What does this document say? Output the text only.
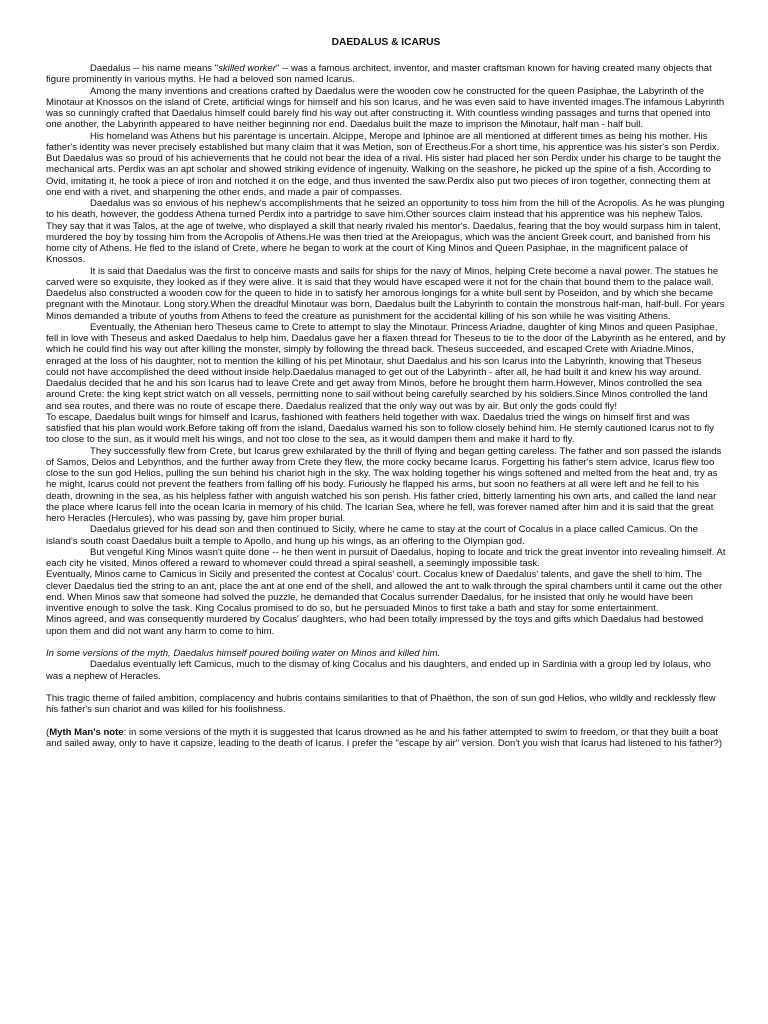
DAEDALUS & ICARUS

Daedalus -- his name means "skilled worker" -- was a famous architect, inventor, and master craftsman known for having created many objects that figure prominently in various myths. He had a beloved son named Icarus.

Among the many inventions and creations crafted by Daedalus were the wooden cow he constructed for the queen Pasiphae, the Labyrinth of the Minotaur at Knossos on the island of Crete, artificial wings for himself and his son Icarus, and he was even said to have invented images.The infamous Labyrinth was so cunningly crafted that Daedalus himself could barely find his way out after constructing it. With countless winding passages and turns that opened into one another, the Labyrinth appeared to have neither beginning nor end. Daedalus built the maze to imprison the Minotaur, half man - half bull.

His homeland was Athens but his parentage is uncertain. Alcippe, Merope and Iphinoe are all mentioned at different times as being his mother. His father's identity was never precisely established but many claim that it was Metion, son of Erectheus.For a short time, his apprentice was his sister's son Perdix. But Daedalus was so proud of his achievements that he could not bear the idea of a rival. His sister had placed her son Perdix under his charge to be taught the mechanical arts. Perdix was an apt scholar and showed striking evidence of ingenuity. Walking on the seashore, he picked up the spine of a fish. According to Ovid, imitating it, he took a piece of iron and notched it on the edge, and thus invented the saw.Perdix also put two pieces of iron together, connecting them at one end with a rivet, and sharpening the other ends, and made a pair of compasses.

Daedalus was so envious of his nephew's accomplishments that he seized an opportunity to toss him from the hill of the Acropolis. As he was plunging to his death, however, the goddess Athena turned Perdix into a partridge to save him.Other sources claim instead that his apprentice was his nephew Talos. They say that it was Talos, at the age of twelve, who displayed a skill that nearly rivaled his mentor's. Daedalus, fearing that the boy would surpass him in talent, murdered the boy by tossing him from the Acropolis of Athens.He was then tried at the Areiopagus, which was the ancient Greek court, and banished from his home city of Athens. He fled to the island of Crete, where he began to work at the court of King Minos and Queen Pasiphae, in the magnificent palace of Knossos.

It is said that Daedalus was the first to conceive masts and sails for ships for the navy of Minos, helping Crete become a naval power. The statues he carved were so exquisite, they looked as if they were alive. It is said that they would have escaped were it not for the chain that bound them to the palace wall. Daedelus also constructed a wooden cow for the queen to hide in to satisfy her amorous longings for a white bull sent by Poseidon, and by which she became pregnant with the Minotaur. Long story.When the dreadful Minotaur was born, Daedalus built the Labyrinth to contain the monstrous half-man, half-bull. For years Minos demanded a tribute of youths from Athens to feed the creature as punishment for the accidental killing of his son while he was visiting Athens.

Eventually, the Athenian hero Theseus came to Crete to attempt to slay the Minotaur. Princess Ariadne, daughter of king Minos and queen Pasiphae, fell in love with Theseus and asked Daedalus to help him. Daedalus gave her a flaxen thread for Theseus to tie to the door of the Labyrinth as he entered, and by which he could find his way out after killing the monster, simply by following the thread back. Theseus succeeded, and escaped Crete with Ariadne.Minos, enraged at the loss of his daughter, not to mention the killing of his pet Minotaur, shut Daedalus and his son Icarus into the Labyrinth, knowing that Theseus could not have accomplished the deed without inside help.Daedalus managed to get out of the Labyrinth - after all, he had built it and knew his way around. Daedalus decided that he and his son Icarus had to leave Crete and get away from Minos, before he brought them harm.However, Minos controlled the sea around Crete: the king kept strict watch on all vessels, permitting none to sail without being carefully searched by his soldiers.Since Minos controlled the land and sea routes, and there was no route of escape there. Daedalus realized that the only way out was by air. But only the gods could fly!

To escape, Daedalus built wings for himself and Icarus, fashioned with feathers held together with wax. Daedalus tried the wings on himself first and was satisfied that his plan would work.Before taking off from the island, Daedalus warned his son to follow closely behind him. He sternly cautioned Icarus not to fly too close to the sun, as it would melt his wings, and not too close to the sea, as it would dampen them and make it hard to fly.

They successfully flew from Crete, but Icarus grew exhilarated by the thrill of flying and began getting careless. The father and son passed the islands of Samos, Delos and Lebynthos, and the further away from Crete they flew, the more cocky became Icarus. Forgetting his father's stern advice, Icarus flew too close to the sun god Helios, pulling the sun behind his chariot high in the sky. The wax holding together his wings softened and melted from the heat and, try as he might, Icarus could not prevent the feathers from falling off his body. Furiously he flapped his arms, but soon no feathers at all were left and he fell to his death, drowning in the sea, as his helpless father with anguish watched his son perish. His father cried, bitterly lamenting his own arts, and called the land near the place where Icarus fell into the ocean Icaria in memory of his child. The Icarian Sea, where he fell, was forever named after him and it is said that the great hero Heracles (Hercules), who was passing by, gave him proper burial.

Daedalus grieved for his dead son and then continued to Sicily, where he came to stay at the court of Cocalus in a place called Camicus. On the island's south coast Daedalus built a temple to Apollo, and hung up his wings, as an offering to the Olympian god.

But vengeful King Minos wasn't quite done -- he then went in pursuit of Daedalus, hoping to locate and trick the great inventor into revealing himself. At each city he visited, Minos offered a reward to whomever could thread a spiral seashell, a seemingly impossible task.

Eventually, Minos came to Camicus in Sicily and presented the contest at Cocalus' court. Cocalus knew of Daedalus' talents, and gave the shell to him. The clever Daedalus tied the string to an ant, place the ant at one end of the shell, and allowed the ant to walk through the spiral chambers until it came out the other end. When Minos saw that someone had solved the puzzle, he demanded that Cocalus surrender Daedalus, for he insisted that only he would have been inventive enough to solve the task. King Cocalus promised to do so, but he persuaded Minos to first take a bath and stay for some entertainment.

Minos agreed, and was consequently murdered by Cocalus' daughters, who had been totally impressed by the toys and gifts which Daedalus had bestowed upon them and did not want any harm to come to him.

In some versions of the myth, Daedalus himself poured boiling water on Minos and killed him.

Daedalus eventually left Camicus, much to the dismay of king Cocalus and his daughters, and ended up in Sardinia with a group led by Iolaus, who was a nephew of Heracles.

This tragic theme of failed ambition, complacency and hubris contains similarities to that of Phaëthon, the son of sun god Helios, who wildly and recklessly flew his father's sun chariot and was killed for his foolishness.

(Myth Man's note: in some versions of the myth it is suggested that Icarus drowned as he and his father attempted to swim to freedom, or that they built a boat and sailed away, only to have it capsize, leading to the death of Icarus. I prefer the "escape by air" version. Don't you wish that Icarus had listened to his father?)
